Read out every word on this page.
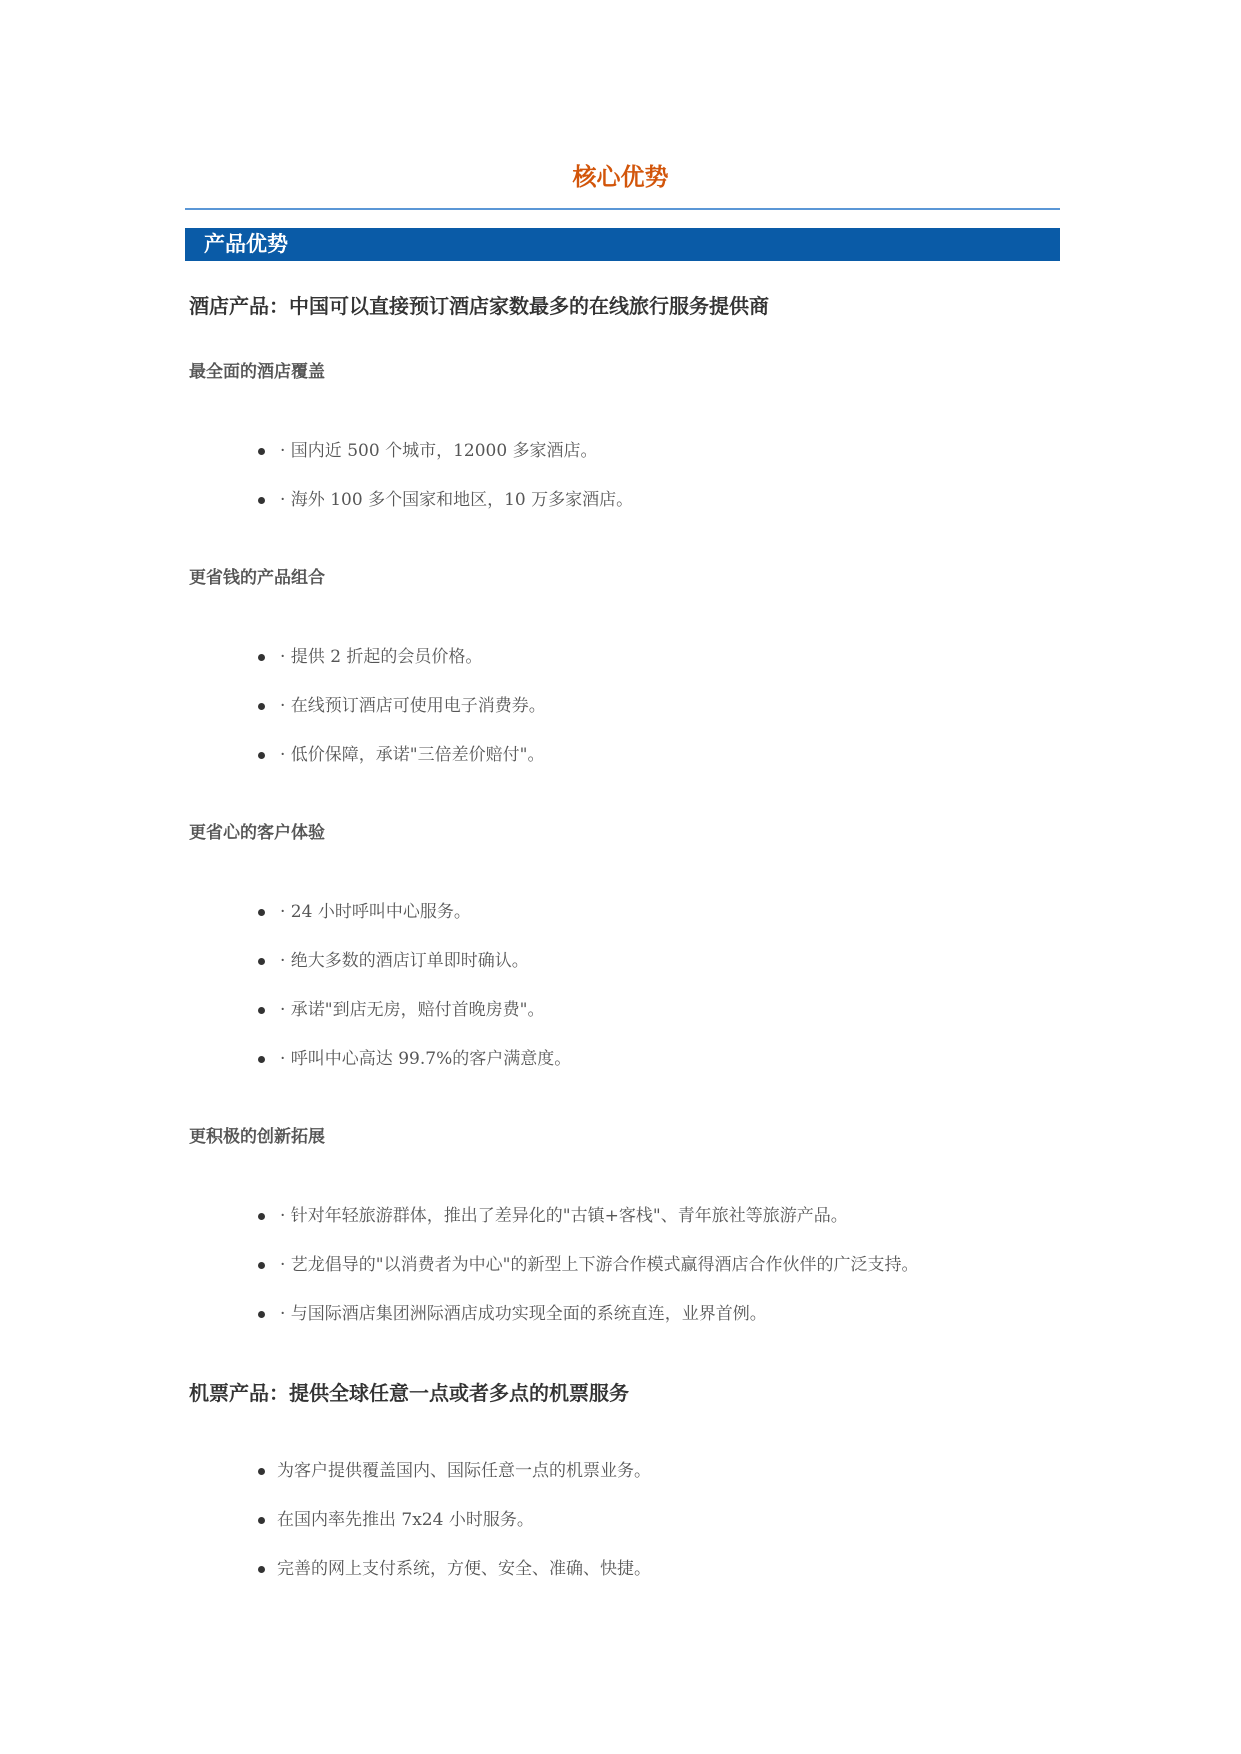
核心优势
产品优势
酒店产品：中国可以直接预订酒店家数最多的在线旅行服务提供商
最全面的酒店覆盖
· 国内近 500 个城市，12000 多家酒店。
· 海外 100 多个国家和地区，10 万多家酒店。
更省钱的产品组合
· 提供 2 折起的会员价格。
· 在线预订酒店可使用电子消费券。
· 低价保障，承诺"三倍差价赔付"。
更省心的客户体验
· 24 小时呼叫中心服务。
· 绝大多数的酒店订单即时确认。
· 承诺"到店无房，赔付首晚房费"。
· 呼叫中心高达 99.7%的客户满意度。
更积极的创新拓展
· 针对年轻旅游群体，推出了差异化的"古镇+客栈"、青年旅社等旅游产品。
· 艺龙倡导的"以消费者为中心"的新型上下游合作模式赢得酒店合作伙伴的广泛支持。
· 与国际酒店集团洲际酒店成功实现全面的系统直连，业界首例。
机票产品：提供全球任意一点或者多点的机票服务
为客户提供覆盖国内、国际任意一点的机票业务。
在国内率先推出 7x24 小时服务。
完善的网上支付系统，方便、安全、准确、快捷。
